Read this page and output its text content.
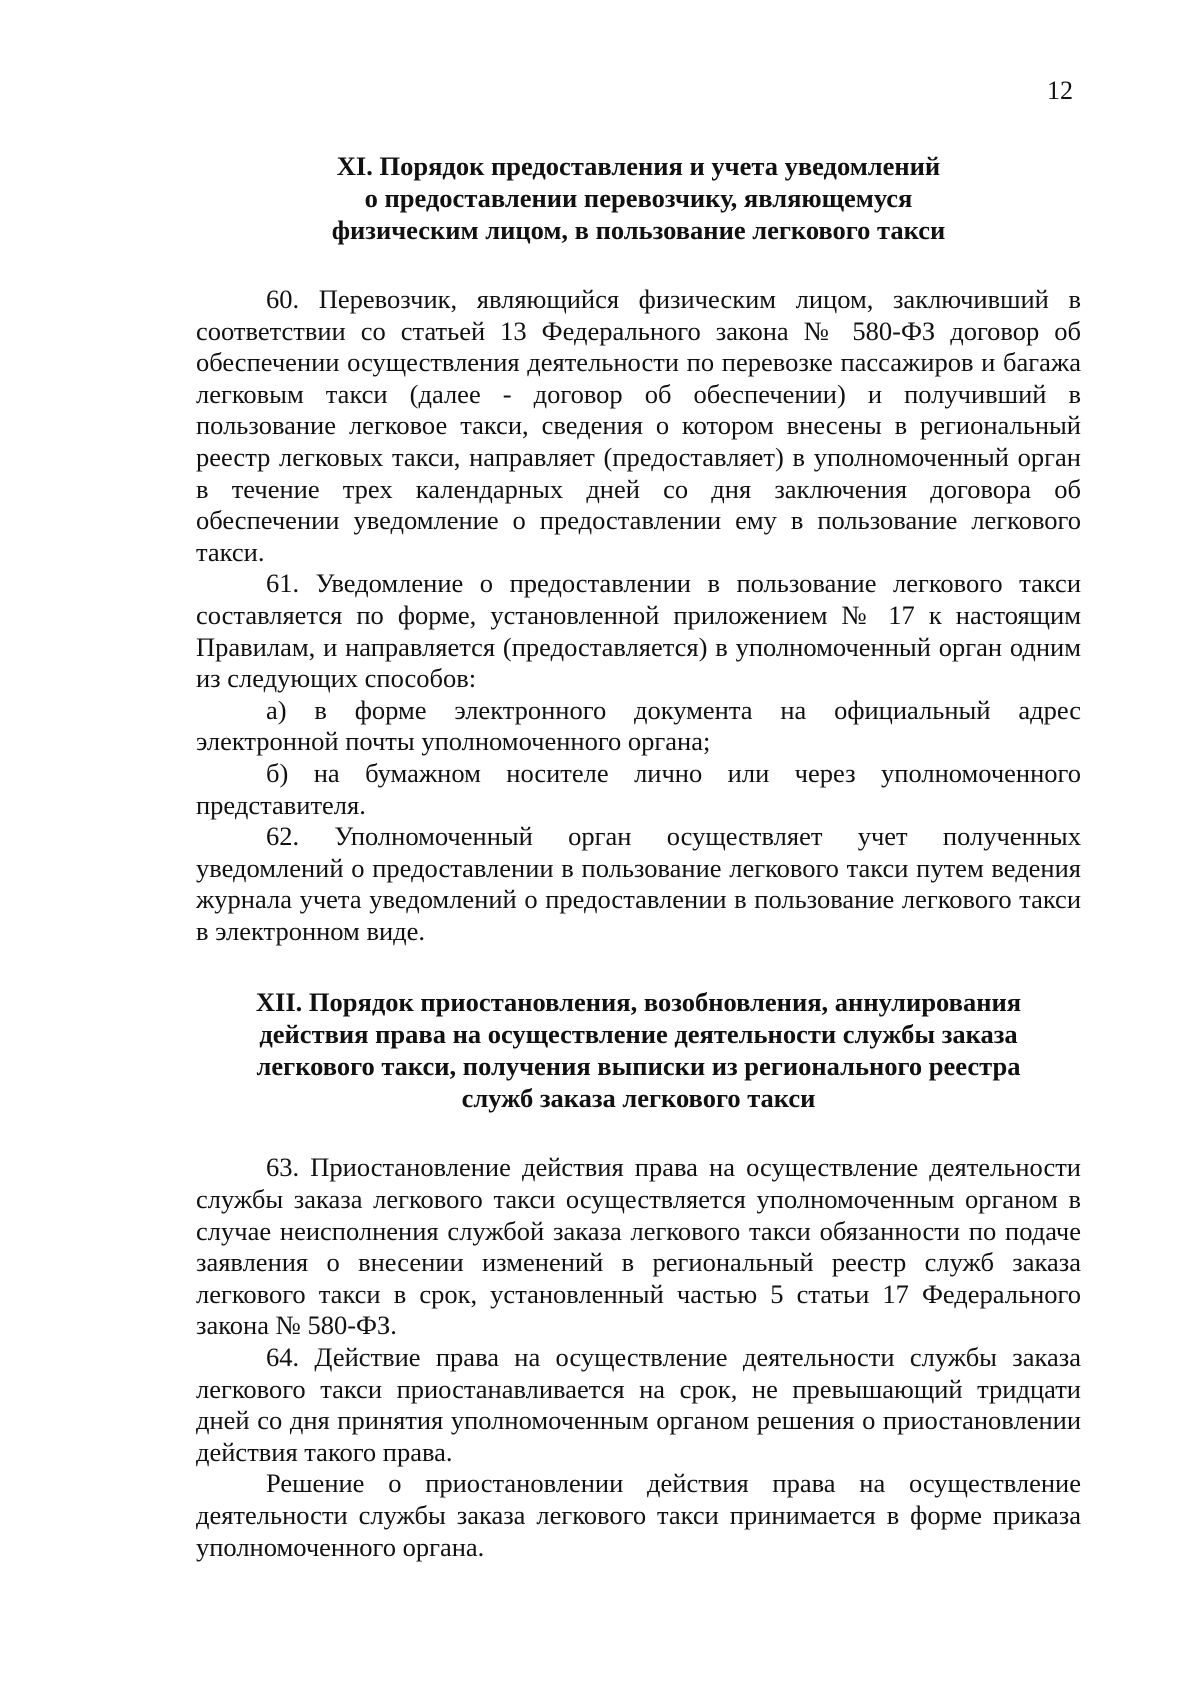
12
XI. Порядок предоставления и учета уведомлений
о предоставлении перевозчику, являющемуся
физическим лицом, в пользование легкового такси

60. Перевозчик, являющийся физическим лицом, заключивший в соответствии со статьей 13 Федерального закона № 580-ФЗ договор об обеспечении осуществления деятельности по перевозке пассажиров и багажа легковым такси (далее - договор об обеспечении) и получивший в пользование легковое такси, сведения о котором внесены в региональный реестр легковых такси, направляет (предоставляет) в уполномоченный орган в течение трех календарных дней со дня заключения договора об обеспечении уведомление о предоставлении ему в пользование легкового такси.

61. Уведомление о предоставлении в пользование легкового такси составляется по форме, установленной приложением № 17 к настоящим Правилам, и направляется (предоставляется) в уполномоченный орган одним из следующих способов:

а) в форме электронного документа на официальный адрес электронной почты уполномоченного органа;

б) на бумажном носителе лично или через уполномоченного представителя.

62. Уполномоченный орган осуществляет учет полученных уведомлений о предоставлении в пользование легкового такси путем ведения журнала учета уведомлений о предоставлении в пользование легкового такси в электронном виде.

XII. Порядок приостановления, возобновления, аннулирования
действия права на осуществление деятельности службы заказа
легкового такси, получения выписки из регионального реестра
служб заказа легкового такси

63. Приостановление действия права на осуществление деятельности службы заказа легкового такси осуществляется уполномоченным органом в случае неисполнения службой заказа легкового такси обязанности по подаче заявления о внесении изменений в региональный реестр служб заказа легкового такси в срок, установленный частью 5 статьи 17 Федерального закона № 580-ФЗ.

64. Действие права на осуществление деятельности службы заказа легкового такси приостанавливается на срок, не превышающий тридцати дней со дня принятия уполномоченным органом решения о приостановлении действия такого права.

Решение о приостановлении действия права на осуществление деятельности службы заказа легкового такси принимается в форме приказа уполномоченного органа.
